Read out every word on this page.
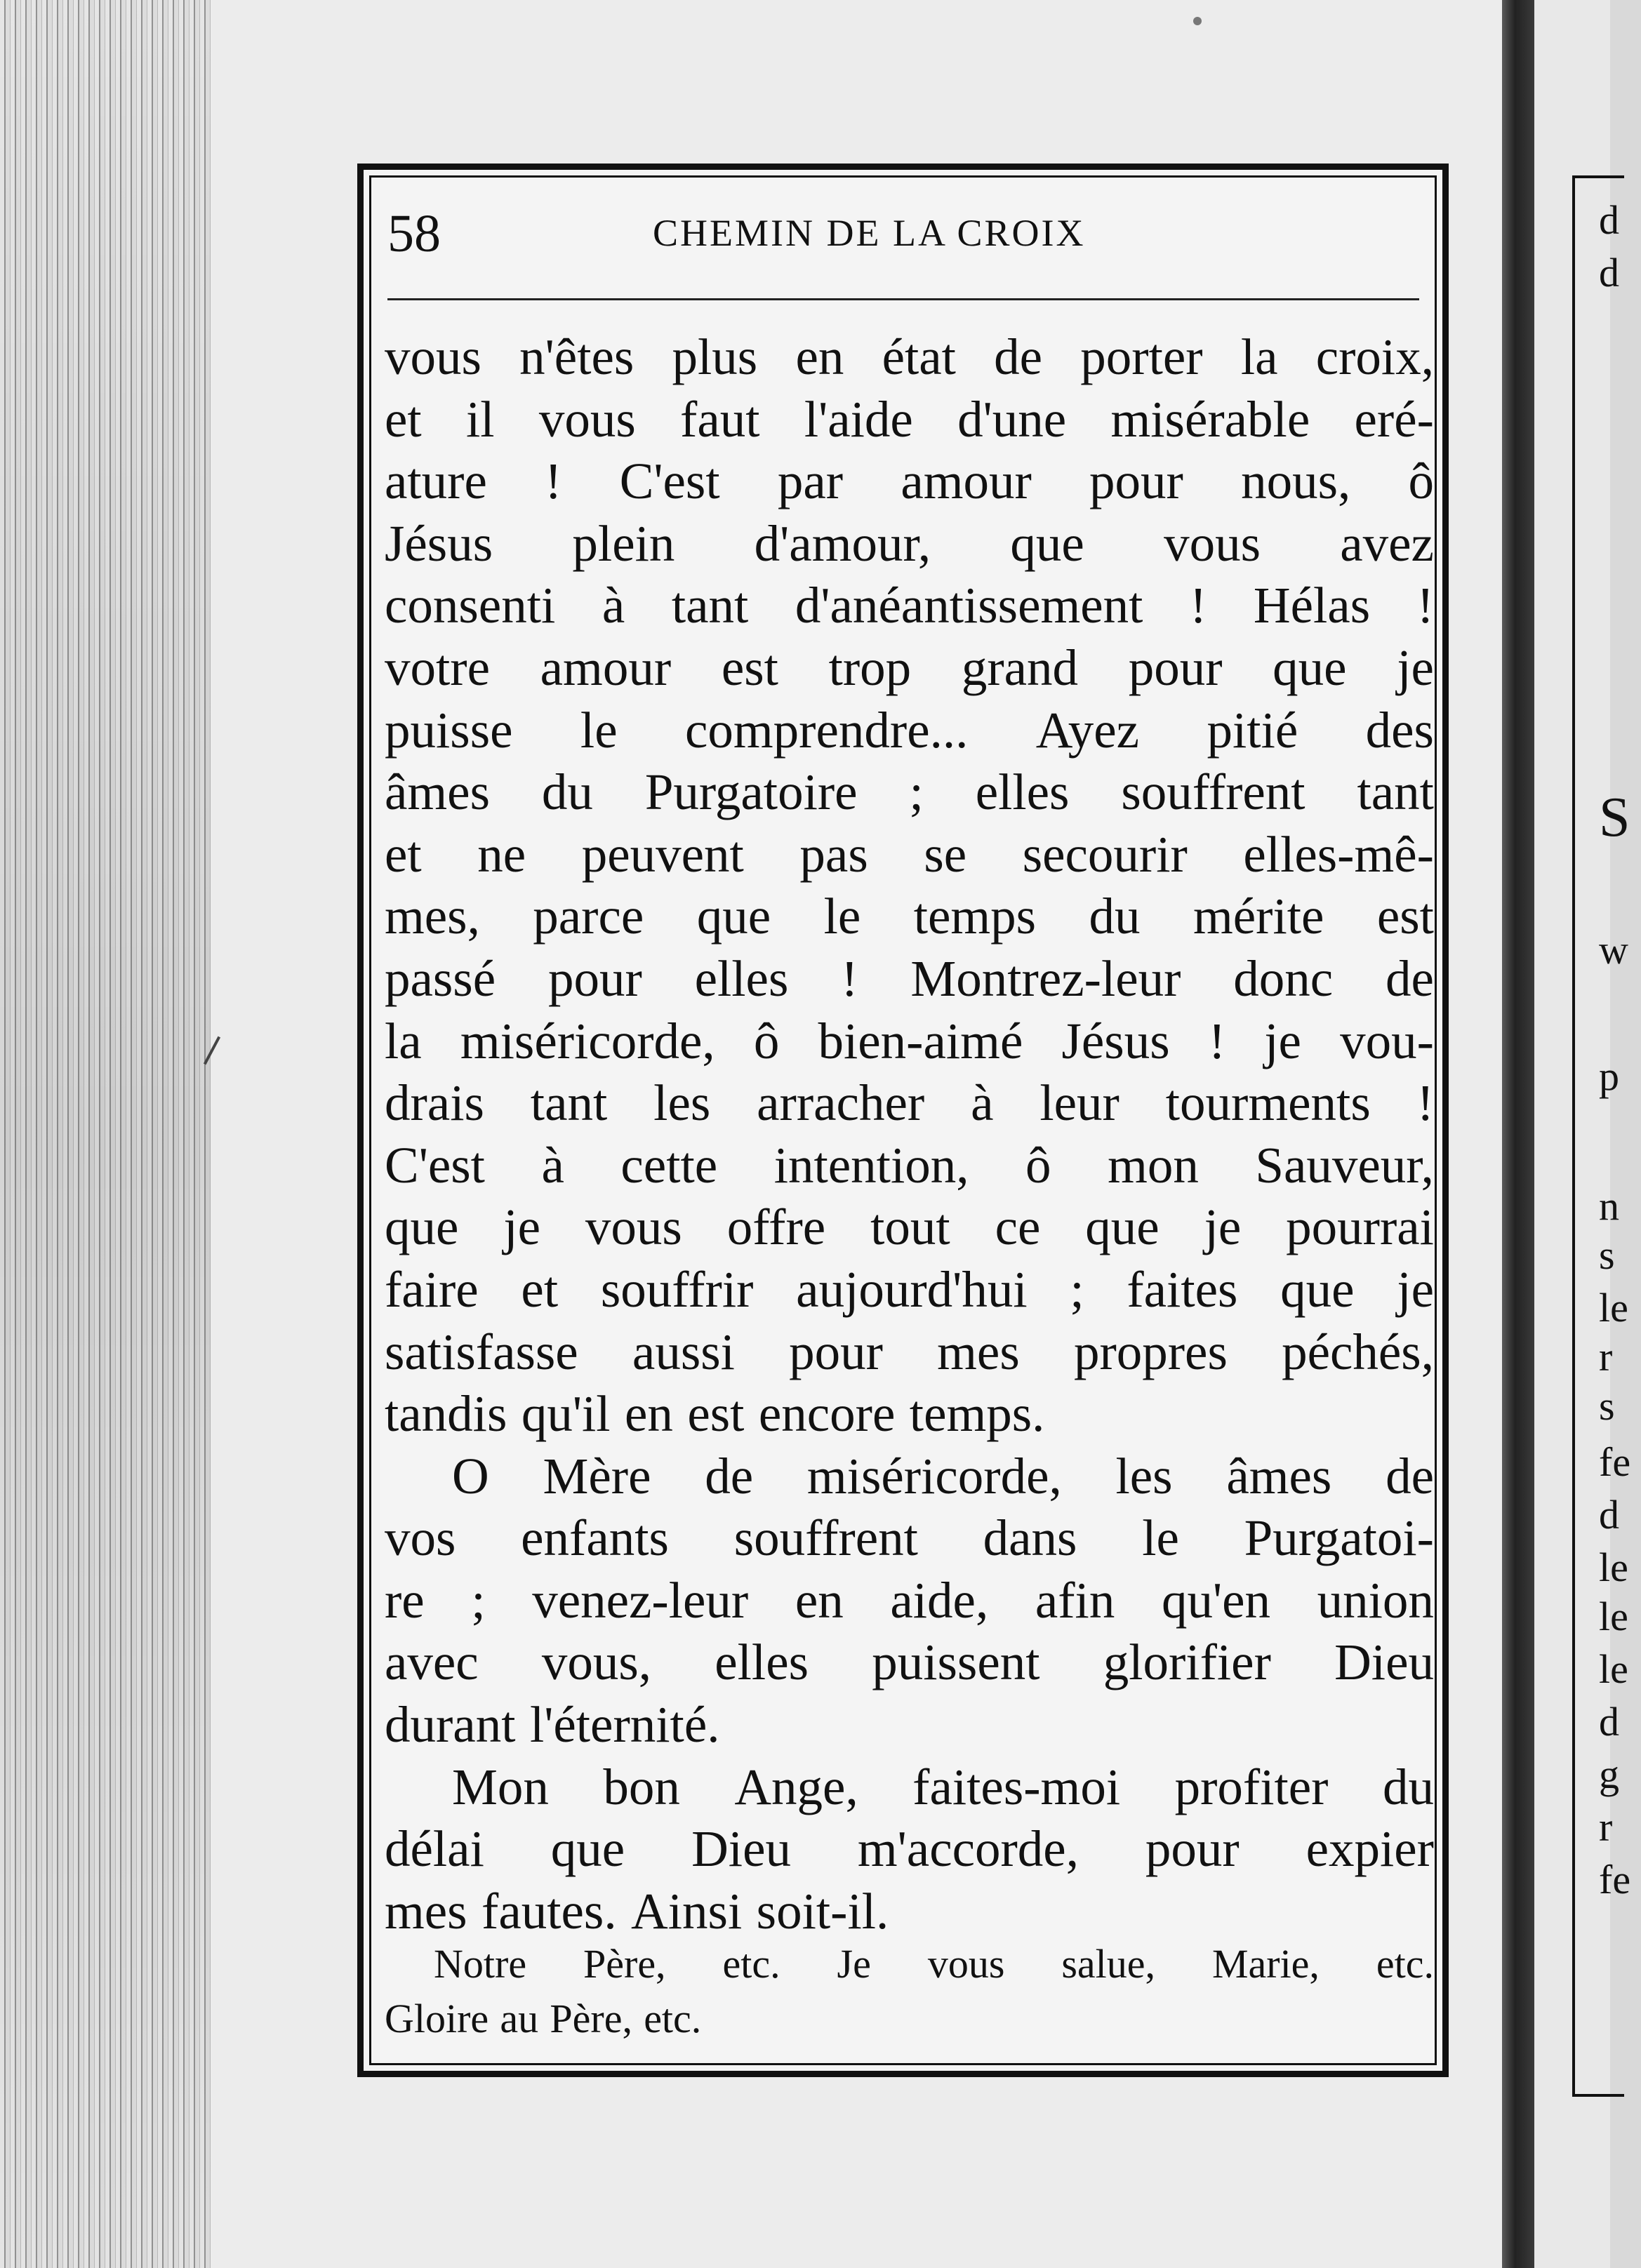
d
d
S
w
p
n
s
le
r
s
fe
d
le
le
le
d
g
r
fe
58	CHEMIN DE LA CROIX
vous n'êtes plus en état de porter la croix,
et il vous faut l'aide d'une misérable eré-
ature ! C'est par amour pour nous, ô
Jésus plein d'amour, que vous avez
consenti à tant d'anéantissement ! Hélas !
votre amour est trop grand pour que je
puisse le comprendre... Ayez pitié des
âmes du Purgatoire ; elles souffrent tant
et ne peuvent pas se secourir elles-mê-
mes, parce que le temps du mérite est
passé pour elles ! Montrez-leur donc de
la miséricorde, ô bien-aimé Jésus ! je vou-
drais tant les arracher à leur tourments !
C'est à cette intention, ô mon Sauveur,
que je vous offre tout ce que je pourrai
faire et souffrir aujourd'hui ; faites que je
satisfasse aussi pour mes propres péchés,
tandis qu'il en est encore temps.
O Mère de miséricorde, les âmes de
vos enfants souffrent dans le Purgatoi-
re ; venez-leur en aide, afin qu'en union
avec vous, elles puissent glorifier Dieu
durant l'éternité.
Mon bon Ange, faites-moi profiter du
délai que Dieu m'accorde, pour expier
mes fautes. Ainsi soit-il.
Notre Père, etc. Je vous salue, Marie, etc.
Gloire au Père, etc.
